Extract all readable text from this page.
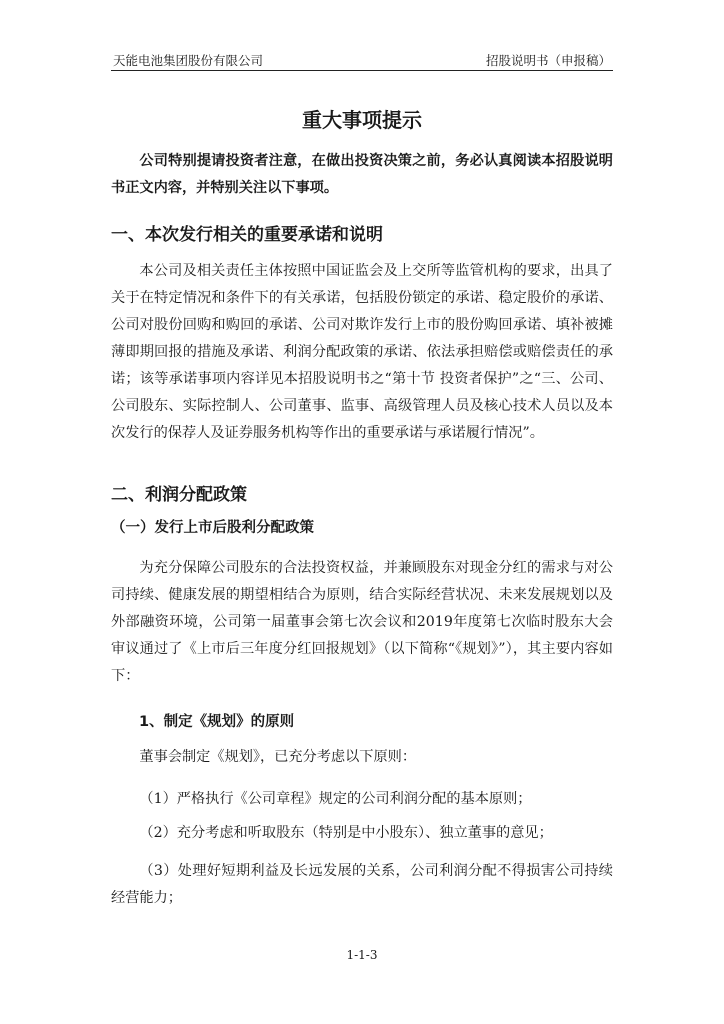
天能电池集团股份有限公司	招股说明书（申报稿）
重大事项提示

公司特别提请投资者注意，在做出投资决策之前，务必认真阅读本招股说明书正文内容，并特别关注以下事项。

一、本次发行相关的重要承诺和说明

本公司及相关责任主体按照中国证监会及上交所等监管机构的要求，出具了关于在特定情况和条件下的有关承诺，包括股份锁定的承诺、稳定股价的承诺、公司对股份回购和购回的承诺、公司对欺诈发行上市的股份购回承诺、填补被摊薄即期回报的措施及承诺、利润分配政策的承诺、依法承担赔偿或赔偿责任的承诺；该等承诺事项内容详见本招股说明书之“第十节 投资者保护”之“三、公司、公司股东、实际控制人、公司董事、监事、高级管理人员及核心技术人员以及本次发行的保荐人及证券服务机构等作出的重要承诺与承诺履行情况”。

二、利润分配政策
（一）发行上市后股利分配政策

为充分保障公司股东的合法投资权益，并兼顾股东对现金分红的需求与对公司持续、健康发展的期望相结合为原则，结合实际经营状况、未来发展规划以及外部融资环境，公司第一届董事会第七次会议和2019年度第七次临时股东大会审议通过了《上市后三年度分红回报规划》（以下简称“《规划》”），其主要内容如下：

1、制定《规划》的原则

董事会制定《规划》，已充分考虑以下原则：

（1）严格执行《公司章程》规定的公司利润分配的基本原则；

（2）充分考虑和听取股东（特别是中小股东）、独立董事的意见；

（3）处理好短期利益及长远发展的关系，公司利润分配不得损害公司持续经营能力；

1-1-3
